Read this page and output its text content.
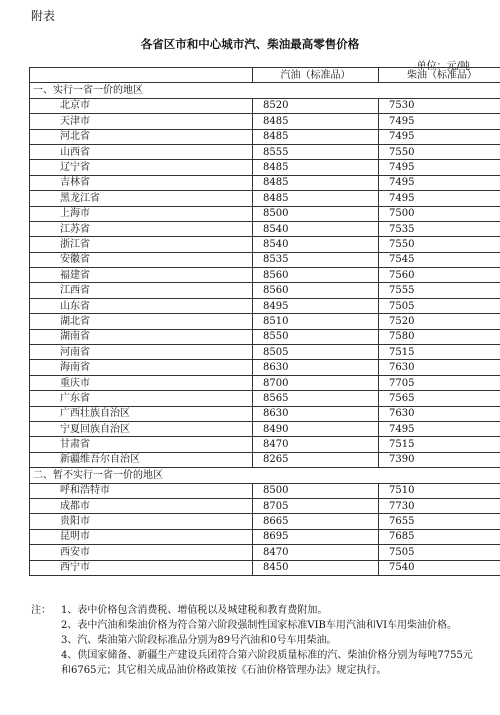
附表
各省区市和中心城市汽、柴油最高零售价格
单位：元/吨
	汽油（标准品）	柴油（标准品）
一、实行一省一价的地区		
北京市	8520	7530
天津市	8485	7495
河北省	8485	7495
山西省	8555	7550
辽宁省	8485	7495
吉林省	8485	7495
黑龙江省	8485	7495
上海市	8500	7500
江苏省	8540	7535
浙江省	8540	7550
安徽省	8535	7545
福建省	8560	7560
江西省	8560	7555
山东省	8495	7505
湖北省	8510	7520
湖南省	8550	7580
河南省	8505	7515
海南省	8630	7630
重庆市	8700	7705
广东省	8565	7565
广西壮族自治区	8630	7630
宁夏回族自治区	8490	7495
甘肃省	8470	7515
新疆维吾尔自治区	8265	7390
二、暂不实行一省一价的地区		
呼和浩特市	8500	7510
成都市	8705	7730
贵阳市	8665	7655
昆明市	8695	7685
西安市	8470	7505
西宁市	8450	7540
注：	1、表中价格包含消费税、增值税以及城建税和教育费附加。
2、表中汽油和柴油价格为符合第六阶段强制性国家标准VIB车用汽油和VI车用柴油价格。
3、汽、柴油第六阶段标准品分别为89号汽油和0号车用柴油。
4、供国家储备、新疆生产建设兵团符合第六阶段质量标准的汽、柴油价格分别为每吨7755元和6765元；其它相关成品油价格政策按《石油价格管理办法》规定执行。
